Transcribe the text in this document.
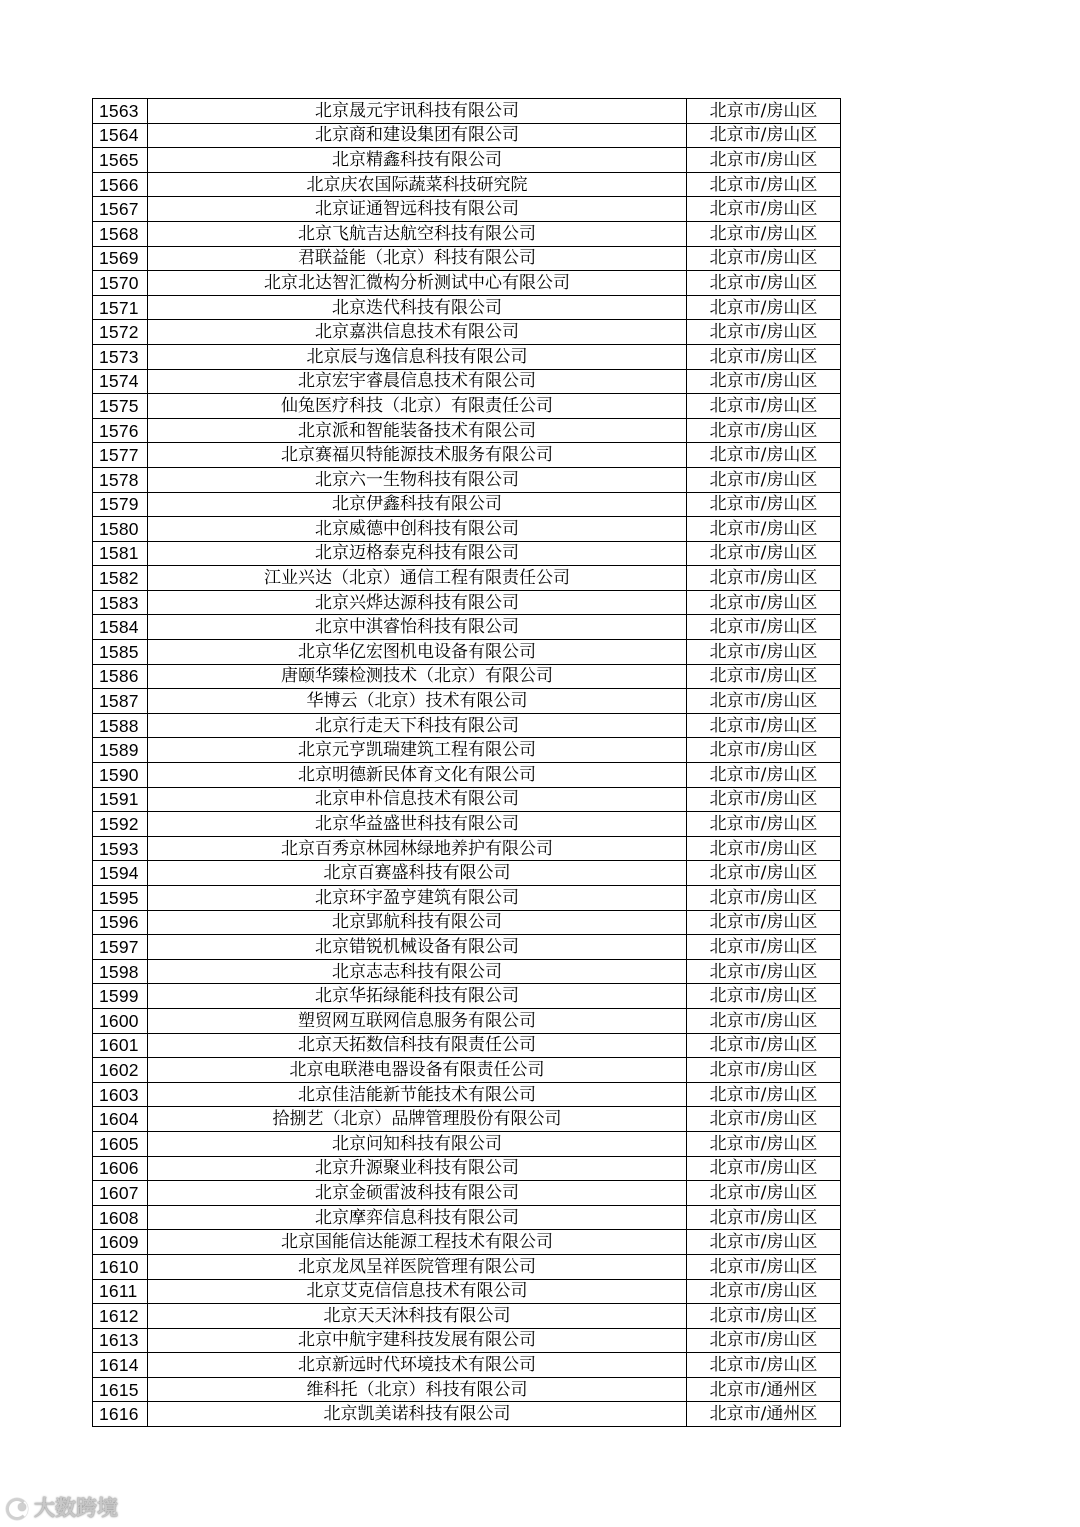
1563	北京晟元宇讯科技有限公司	北京市/房山区
1564	北京商和建设集团有限公司	北京市/房山区
1565	北京精鑫科技有限公司	北京市/房山区
1566	北京庆农国际蔬菜科技研究院	北京市/房山区
1567	北京证通智远科技有限公司	北京市/房山区
1568	北京飞航吉达航空科技有限公司	北京市/房山区
1569	君联益能（北京）科技有限公司	北京市/房山区
1570	北京北达智汇微构分析测试中心有限公司	北京市/房山区
1571	北京迭代科技有限公司	北京市/房山区
1572	北京嘉洪信息技术有限公司	北京市/房山区
1573	北京辰与逸信息科技有限公司	北京市/房山区
1574	北京宏宇睿晨信息技术有限公司	北京市/房山区
1575	仙兔医疗科技（北京）有限责任公司	北京市/房山区
1576	北京派和智能装备技术有限公司	北京市/房山区
1577	北京赛福贝特能源技术服务有限公司	北京市/房山区
1578	北京六一生物科技有限公司	北京市/房山区
1579	北京伊鑫科技有限公司	北京市/房山区
1580	北京威德中创科技有限公司	北京市/房山区
1581	北京迈格泰克科技有限公司	北京市/房山区
1582	江业兴达（北京）通信工程有限责任公司	北京市/房山区
1583	北京兴烨达源科技有限公司	北京市/房山区
1584	北京中淇睿怡科技有限公司	北京市/房山区
1585	北京华亿宏图机电设备有限公司	北京市/房山区
1586	唐颐华臻检测技术（北京）有限公司	北京市/房山区
1587	华博云（北京）技术有限公司	北京市/房山区
1588	北京行走天下科技有限公司	北京市/房山区
1589	北京元亨凯瑞建筑工程有限公司	北京市/房山区
1590	北京明德新民体育文化有限公司	北京市/房山区
1591	北京申朴信息技术有限公司	北京市/房山区
1592	北京华益盛世科技有限公司	北京市/房山区
1593	北京百秀京林园林绿地养护有限公司	北京市/房山区
1594	北京百赛盛科技有限公司	北京市/房山区
1595	北京环宇盈亨建筑有限公司	北京市/房山区
1596	北京郢航科技有限公司	北京市/房山区
1597	北京错锐机械设备有限公司	北京市/房山区
1598	北京志志科技有限公司	北京市/房山区
1599	北京华拓绿能科技有限公司	北京市/房山区
1600	塑贸网互联网信息服务有限公司	北京市/房山区
1601	北京天拓数信科技有限责任公司	北京市/房山区
1602	北京电联港电器设备有限责任公司	北京市/房山区
1603	北京佳洁能新节能技术有限公司	北京市/房山区
1604	拾捌艺（北京）品牌管理股份有限公司	北京市/房山区
1605	北京问知科技有限公司	北京市/房山区
1606	北京升源聚业科技有限公司	北京市/房山区
1607	北京金硕雷波科技有限公司	北京市/房山区
1608	北京摩弈信息科技有限公司	北京市/房山区
1609	北京国能信达能源工程技术有限公司	北京市/房山区
1610	北京龙凤呈祥医院管理有限公司	北京市/房山区
1611	北京艾克信信息技术有限公司	北京市/房山区
1612	北京天天沐科技有限公司	北京市/房山区
1613	北京中航宇建科技发展有限公司	北京市/房山区
1614	北京新远时代环境技术有限公司	北京市/房山区
1615	维科托（北京）科技有限公司	北京市/通州区
1616	北京凯美诺科技有限公司	北京市/通州区
大数跨境
